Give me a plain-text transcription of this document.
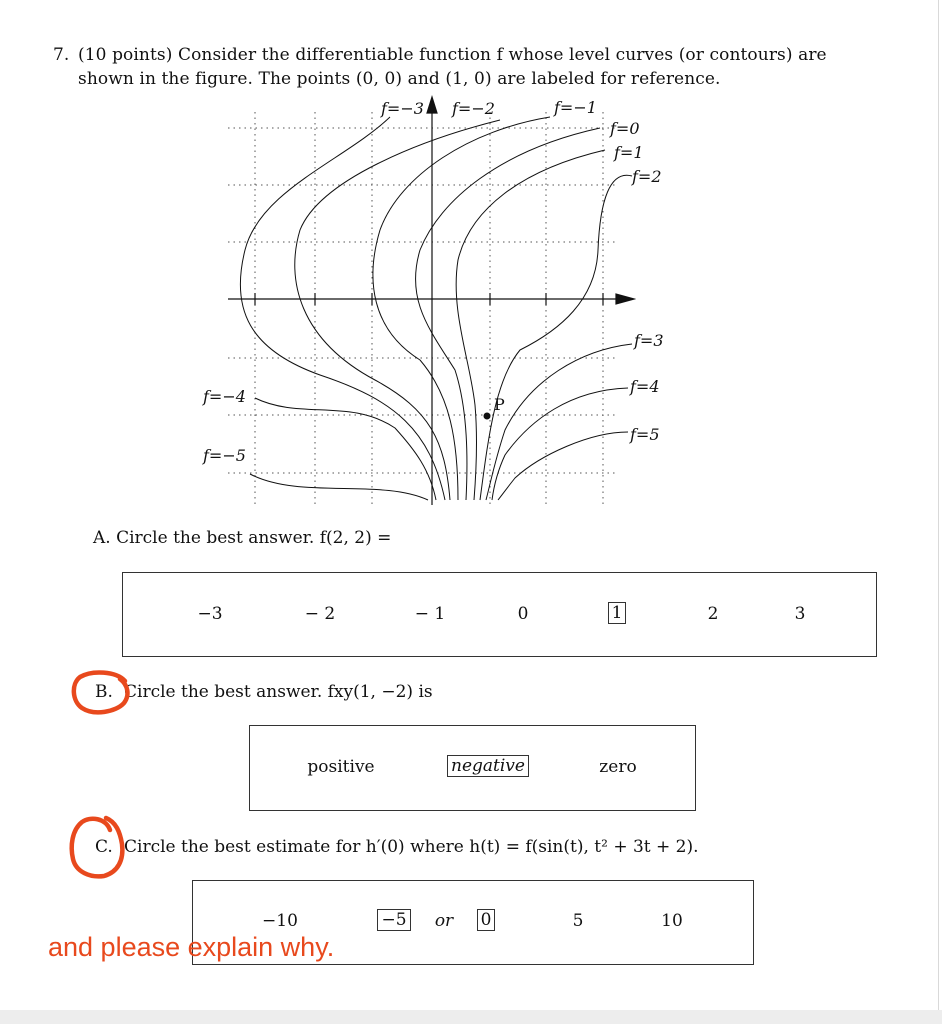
7. (10 points) Consider the differentiable function f whose level curves (or contours) are
shown in the figure. The points (0, 0) and (1, 0) are labeled for reference.
P
f=−3 f=−2	f=−1
f=0
f=1
f=2
f=3
f=4
f=5
f=−4
f=−5
A. Circle the best answer. f(2, 2) =
−3	− 2	− 1	0	1	2	3
B. Circle the best answer. fxy(1, −2) is
positive	negative	zero
C. Circle the best estimate for h′(0) where h(t) = f(sin(t), t² + 3t + 2).
−10	−5	or	0	5	10
and please explain why.
